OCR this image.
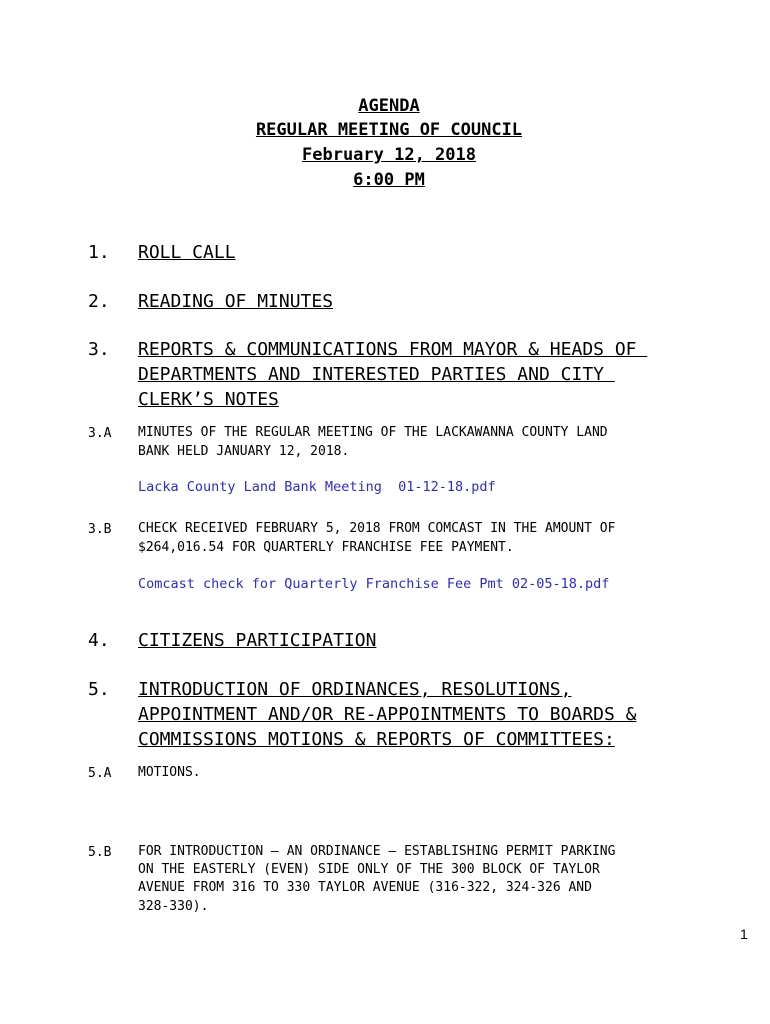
AGENDA
REGULAR MEETING OF COUNCIL
February 12, 2018
6:00 PM
1. ROLL CALL
2. READING OF MINUTES
3. REPORTS & COMMUNICATIONS FROM MAYOR & HEADS OF
DEPARTMENTS AND INTERESTED PARTIES AND CITY
CLERK’S NOTES
3.A MINUTES OF THE REGULAR MEETING OF THE LACKAWANNA COUNTY LAND
BANK HELD JANUARY 12, 2018.
Lacka County Land Bank Meeting  01-12-18.pdf
3.B CHECK RECEIVED FEBRUARY 5, 2018 FROM COMCAST IN THE AMOUNT OF
$264,016.54 FOR QUARTERLY FRANCHISE FEE PAYMENT.
Comcast check for Quarterly Franchise Fee Pmt 02-05-18.pdf
4. CITIZENS PARTICIPATION
5. INTRODUCTION OF ORDINANCES, RESOLUTIONS,
APPOINTMENT AND/OR RE-APPOINTMENTS TO BOARDS &
COMMISSIONS MOTIONS & REPORTS OF COMMITTEES:
5.A MOTIONS.
5.B FOR INTRODUCTION – AN ORDINANCE – ESTABLISHING PERMIT PARKING
ON THE EASTERLY (EVEN) SIDE ONLY OF THE 300 BLOCK OF TAYLOR
AVENUE FROM 316 TO 330 TAYLOR AVENUE (316-322, 324-326 AND
328-330).
1
